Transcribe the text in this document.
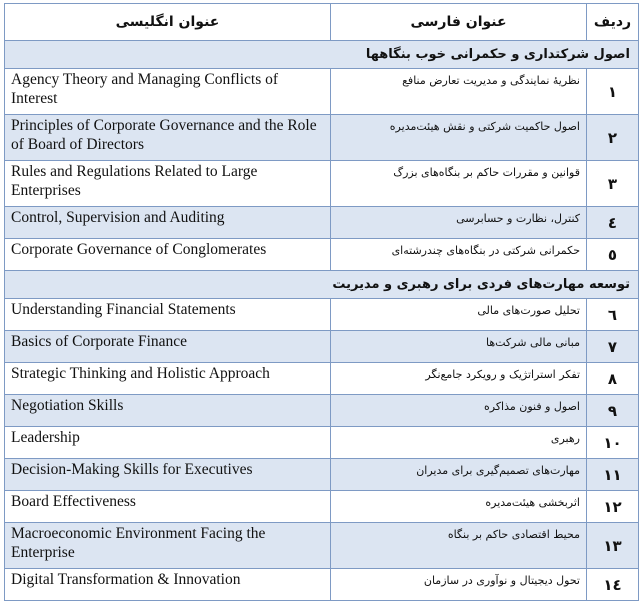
ردیف	عنوان فارسی	عنوان انگلیسی
اصول شرکتداری و حکمرانی خوب بنگاهها		
۱	نظریهٔ نمایندگی و مدیریت تعارض منافع	Agency Theory and Managing Conflicts of Interest
۲	اصول حاکمیت شرکتی و نقش هیئت‌مدیره	Principles of Corporate Governance and the Role of Board of Directors
۳	قوانین و مقررات حاکم بر بنگاه‌های بزرگ	Rules and Regulations Related to Large Enterprises
٤	کنترل، نظارت و حسابرسی	Control, Supervision and Auditing
٥	حکمرانی شرکتی در بنگاه‌های چندرشته‌ای	Corporate Governance of Conglomerates
توسعه مهارت‌های فردی برای رهبری و مدیریت		
٦	تحلیل صورت‌های مالی	Understanding Financial Statements
۷	مبانی مالی شرکت‌ها	Basics of Corporate Finance
۸	تفکر استراتژیک و رویکرد جامع‌نگر	Strategic Thinking and Holistic Approach
۹	اصول و فنون مذاکره	Negotiation Skills
۱۰	رهبری	Leadership
۱۱	مهارت‌های تصمیم‌گیری برای مدیران	Decision-Making Skills for Executives
۱۲	اثربخشی هیئت‌مدیره	Board Effectiveness
۱۳	محیط اقتصادی حاکم بر بنگاه	Macroeconomic Environment Facing the Enterprise
۱٤	تحول دیجیتال و نوآوری در سازمان	Digital Transformation & Innovation
